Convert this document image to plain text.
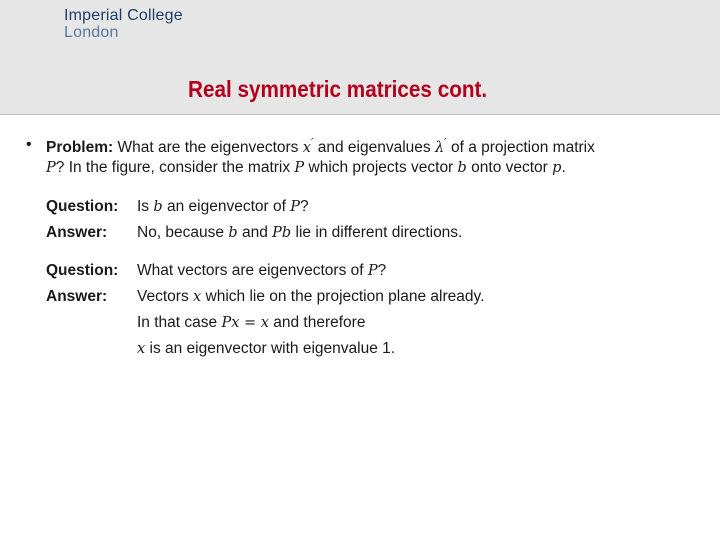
Imperial College
London
Real symmetric matrices cont.
• Problem: What are the eigenvectors x′ and eigenvalues λ′ of a projection matrix
P? In the figure, consider the matrix P which projects vector b onto vector p.
Question: Is b an eigenvector of P?
Answer: No, because b and Pb lie in different directions.
Question: What vectors are eigenvectors of P?
Answer: Vectors x which lie on the projection plane already.
In that case Px = x and therefore
x is an eigenvector with eigenvalue 1.
